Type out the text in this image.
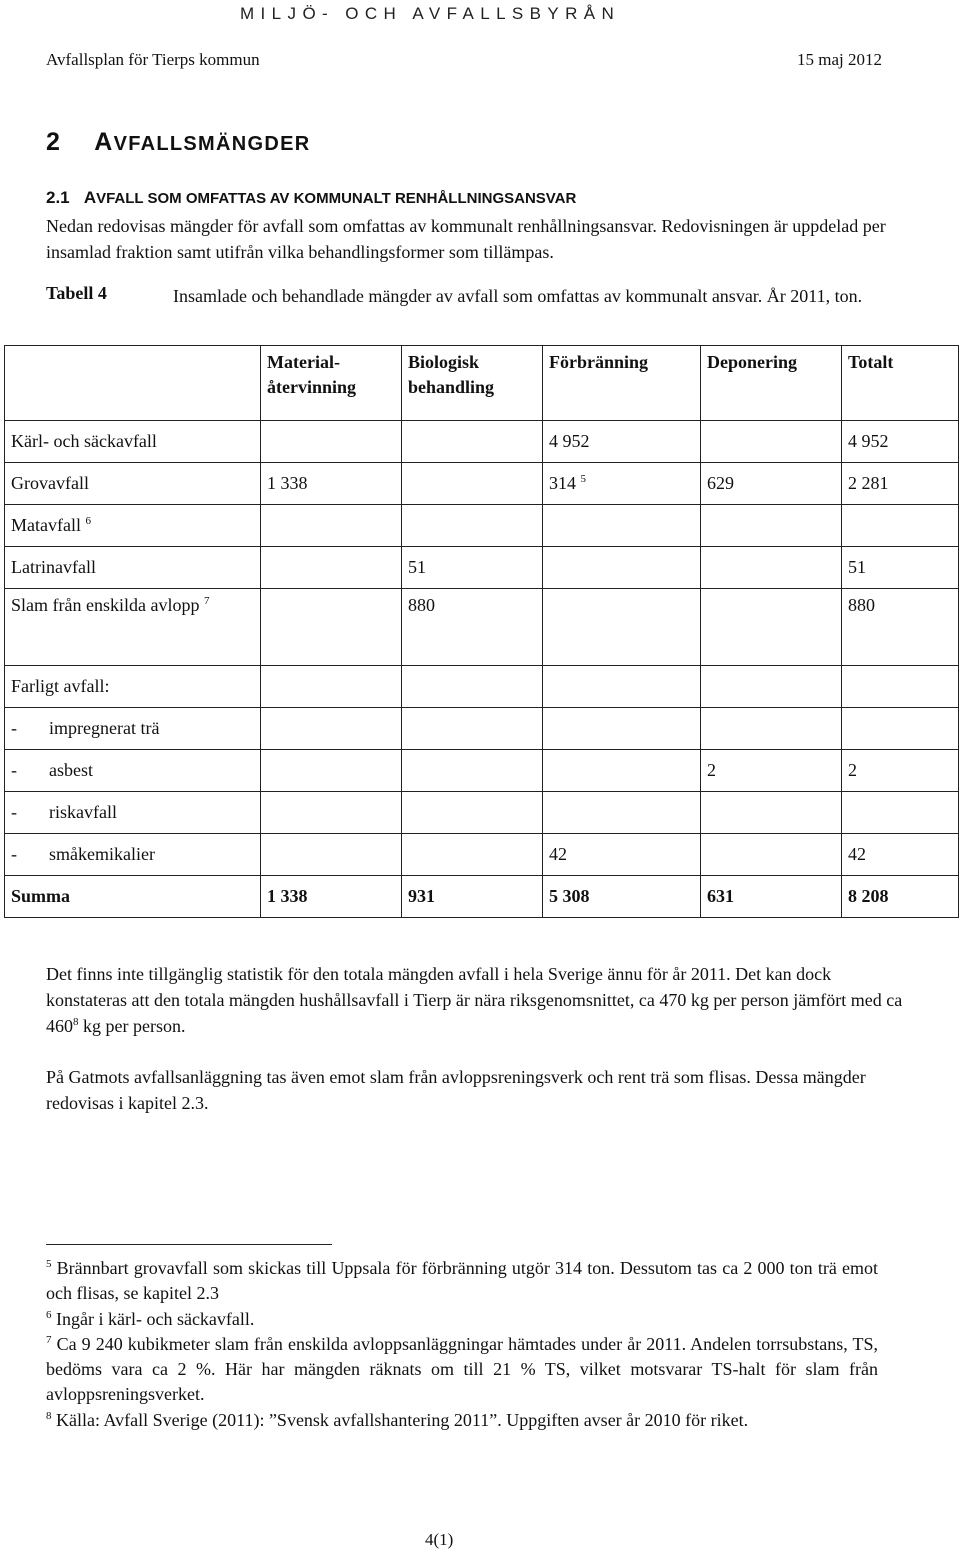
MILJÖ- OCH AVFALLSBYRÅN
Avfallsplan för Tierps kommun	15 maj 2012
2 AVFALLSMÄNGDER
2.1 AVFALL SOM OMFATTAS AV KOMMUNALT RENHÅLLNINGSANSVAR
Nedan redovisas mängder för avfall som omfattas av kommunalt renhållningsansvar. Redovisningen är uppdelad per insamlad fraktion samt utifrån vilka behandlingsformer som tillämpas.
Tabell 4	Insamlade och behandlade mängder av avfall som omfattas av kommunalt ansvar. År 2011, ton.
	Material-återvinning	Biologisk behandling	Förbränning	Deponering	Totalt
Kärl- och säckavfall			4 952		4 952
Grovavfall	1 338		314 $^5$	629	2 281
Matavfall $^6$					
Latrinavfall		51			51
Slam från enskilda avlopp $^7$		880			880
Farligt avfall:					
- impregnerat trä					
- asbest				2	2
- riskavfall					
- småkemikalier			42		42
Summa	1 338	931	5 308	631	8 208
Det finns inte tillgänglig statistik för den totala mängden avfall i hela Sverige ännu för år 2011. Det kan dock konstateras att den totala mängden hushållsavfall i Tierp är nära riksgenomsnittet, ca 470 kg per person jämfört med ca $460^8$ kg per person.
På Gatmots avfallsanläggning tas även emot slam från avloppsreningsverk och rent trä som flisas. Dessa mängder redovisas i kapitel 2.3.
$^5$ Brännbart grovavfall som skickas till Uppsala för förbränning utgör 314 ton. Dessutom tas ca 2 000 ton trä emot och flisas, se kapitel 2.3
$^6$ Ingår i kärl- och säckavfall.
$^7$ Ca 9 240 kubikmeter slam från enskilda avloppsanläggningar hämtades under år 2011. Andelen torrsubstans, TS, bedöms vara ca 2 %. Här har mängden räknats om till 21 % TS, vilket motsvarar TS-halt för slam från avloppsreningsverket.
$^8$ Källa: Avfall Sverige (2011): ”Svensk avfallshantering 2011”. Uppgiften avser år 2010 för riket.
4(1)
